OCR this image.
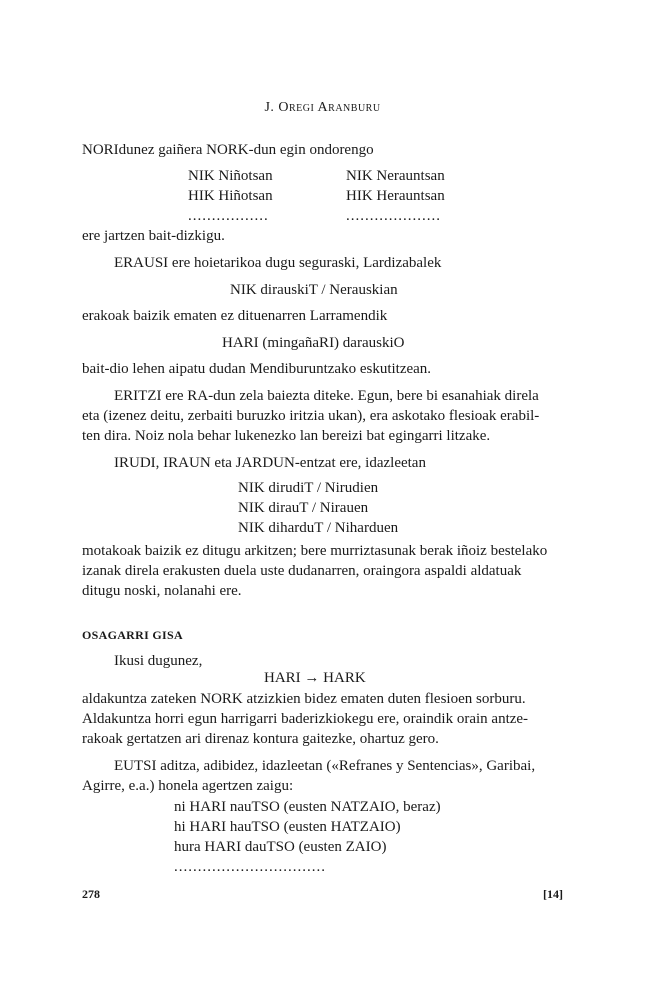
J. Oregi Aranburu
NORIdunez gaiñera NORK-dun egin ondorengo
NIK Niñotsan
HIK Hiñotsan
.................
NIK Nerauntsan
HIK Herauntsan
....................
ere jartzen bait-dizkigu.
ERAUSI ere hoietarikoa dugu seguraski, Lardizabalek
NIK dirauskiT / Nerauskian
erakoak baizik ematen ez dituenarren Larramendik
HARI (mingañaRI) darauskiO
bait-dio lehen aipatu dudan Mendiburuntzako eskutitzean.
ERITZI ere RA-dun zela baiezta diteke. Egun, bere bi esanahiak direla
eta (izenez deitu, zerbaiti buruzko iritzia ukan), era askotako flesioak erabil-
ten dira. Noiz nola behar lukenezko lan bereizi bat egingarri litzake.
IRUDI, IRAUN eta JARDUN-entzat ere, idazleetan
NIK dirudiT / Nirudien
NIK dirauT / Nirauen
NIK diharduT / Niharduen
motakoak baizik ez ditugu arkitzen; bere murriztasunak berak iñoiz bestelako
izanak direla erakusten duela uste dudanarren, oraingora aspaldi aldatuak
ditugu noski, nolanahi ere.
OSAGARRI GISA
Ikusi dugunez,
HARI → HARK
aldakuntza zateken NORK atzizkien bidez ematen duten flesioen sorburu.
Aldakuntza horri egun harrigarri baderizkiokegu ere, oraindik orain antze-
rakoak gertatzen ari direnaz kontura gaitezke, ohartuz gero.
EUTSI aditza, adibidez, idazleetan («Refranes y Sentencias», Garibai,
Agirre, e.a.) honela agertzen zaigu:
ni HARI nauTSO (eusten NATZAIO, beraz)
hi HARI hauTSO (eusten HATZAIO)
hura HARI dauTSO (eusten ZAIO)
................................
278	[14]
